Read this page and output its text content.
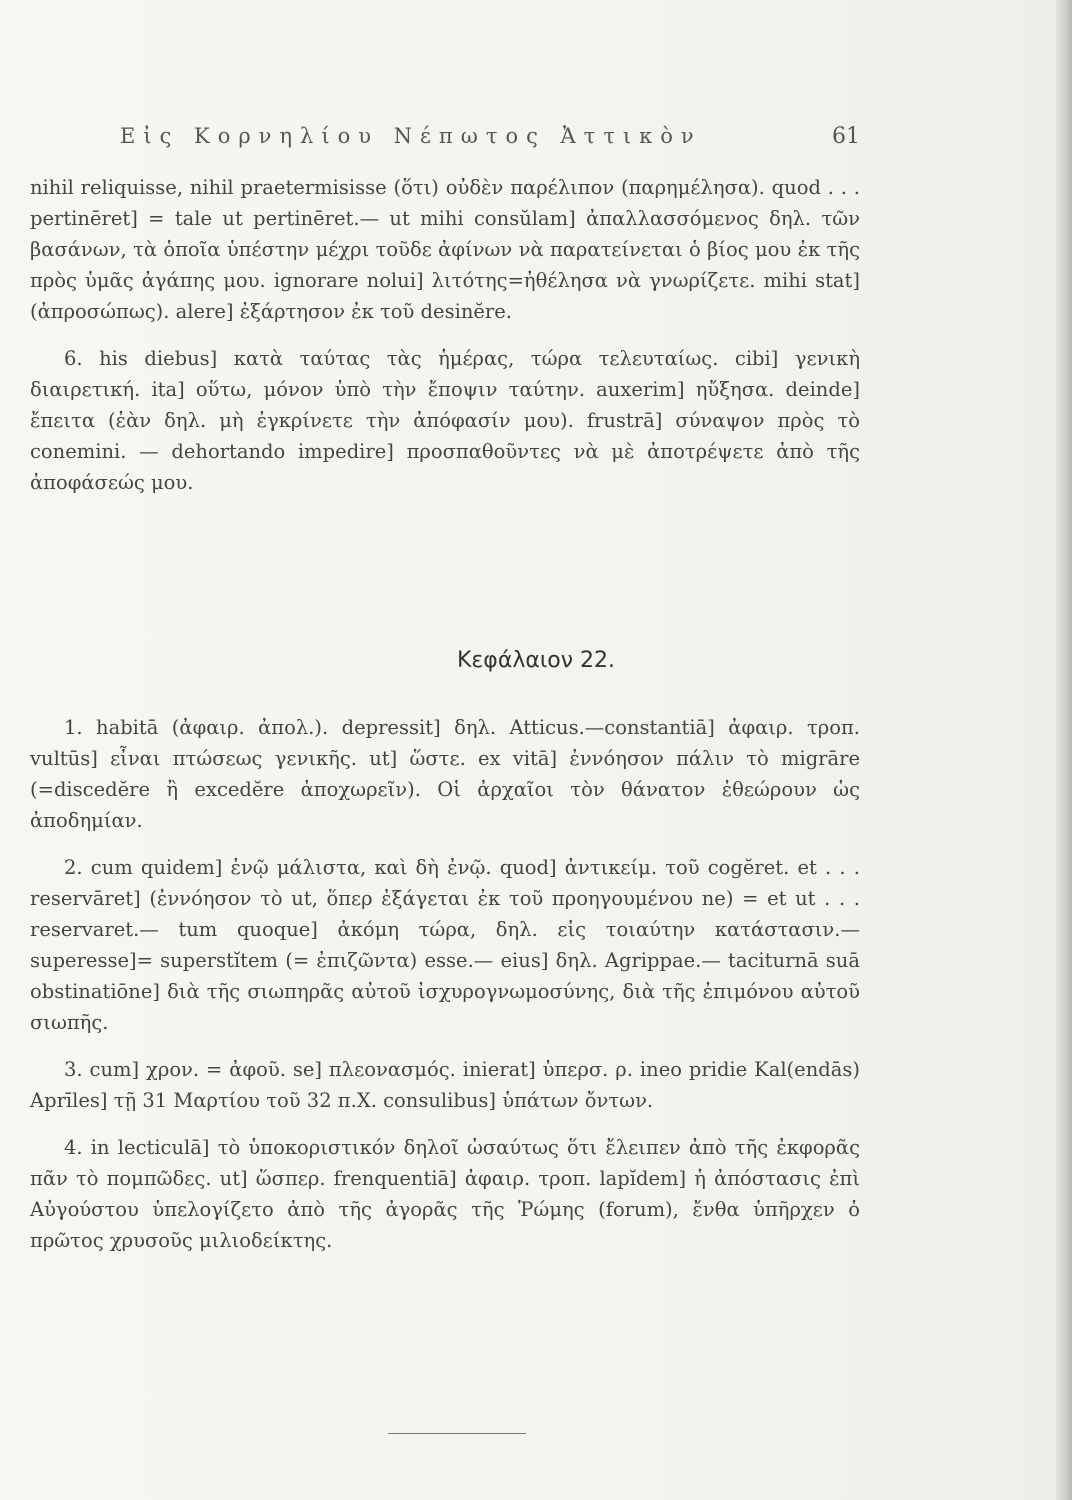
Εἰς Κορνηλίου Νέπωτος Ἀττικὸν	61

nihil reliquisse, nihil praetermisisse (ὅτι) οὐδὲν παρέλιπον (παρημέλησα). quod . . . pertinēret] = tale ut pertinēret.— ut mihi consŭlam] ἀπαλλασσόμενος δηλ. τῶν βασάνων, τὰ ὁποῖα ὑπέστην μέχρι τοῦδε ἀφίνων νὰ παρατείνεται ὁ βίος μου ἐκ τῆς πρὸς ὑμᾶς ἀγάπης μου. ignorare nolui] λιτότης=ἠθέλησα νὰ γνωρίζετε. mihi stat] (ἀπροσώπως). alere] ἐξάρτησον ἐκ τοῦ desinĕre.

6. his diebus] κατὰ ταύτας τὰς ἡμέρας, τώρα τελευταίως. cibi] γενικὴ διαιρετική. ita] οὕτω, μόνον ὑπὸ τὴν ἔποψιν ταύτην. auxerim] ηὔξησα. deinde] ἔπειτα (ἐὰν δηλ. μὴ ἐγκρίνετε τὴν ἀπόφασίν μου). frustrā] σύναψον πρὸς τὸ conemini. — dehortando impedire] προσπαθοῦντες νὰ μὲ ἀποτρέψετε ἀπὸ τῆς ἀποφάσεώς μου.

Κεφάλαιον 22.

1. habitā (ἀφαιρ. ἀπολ.). depressit] δηλ. Atticus.—constantiā] ἀφαιρ. τροπ. vultūs] εἶναι πτώσεως γενικῆς. ut] ὥστε. ex vitā] ἐννόησον πάλιν τὸ migrāre (=discedĕre ἢ excedĕre ἀποχωρεῖν). Οἱ ἀρχαῖοι τὸν θάνατον ἐθεώρουν ὡς ἀποδημίαν.

2. cum quidem] ἐνῷ μάλιστα, καὶ δὴ ἐνῷ. quod] ἀντικείμ. τοῦ cogĕret. et . . . reservāret] (ἐννόησον τὸ ut, ὅπερ ἐξάγεται ἐκ τοῦ προηγουμένου ne) = et ut . . . reservaret.— tum quoque] ἀκόμη τώρα, δηλ. εἰς τοιαύτην κατάστασιν.— superesse]= superstĭtem (= ἐπιζῶντα) esse.— eius] δηλ. Agrippae.— taciturnā suā obstinatiōne] διὰ τῆς σιωπηρᾶς αὐτοῦ ἰσχυρογνωμοσύνης, διὰ τῆς ἐπιμόνου αὐτοῦ σιωπῆς.

3. cum] χρον. = ἀφοῦ. se] πλεονασμός. inierat] ὑπερσ. ρ. ineo pridie Kal(endās) Aprīles] τῇ 31 Μαρτίου τοῦ 32 π.Χ. consulibus] ὑπάτων ὄντων.

4. in lecticulā] τὸ ὑποκοριστικόν δηλοῖ ὡσαύτως ὅτι ἔλειπεν ἀπὸ τῆς ἐκφορᾶς πᾶν τὸ πομπῶδες. ut] ὥσπερ. frenquentiā] ἀφαιρ. τροπ. lapĭdem] ἡ ἀπόστασις ἐπὶ Αὐγούστου ὑπελογίζετο ἀπὸ τῆς ἀγορᾶς τῆς Ῥώμης (forum), ἔνθα ὑπῆρχεν ὁ πρῶτος χρυσοῦς μιλιοδείκτης.
